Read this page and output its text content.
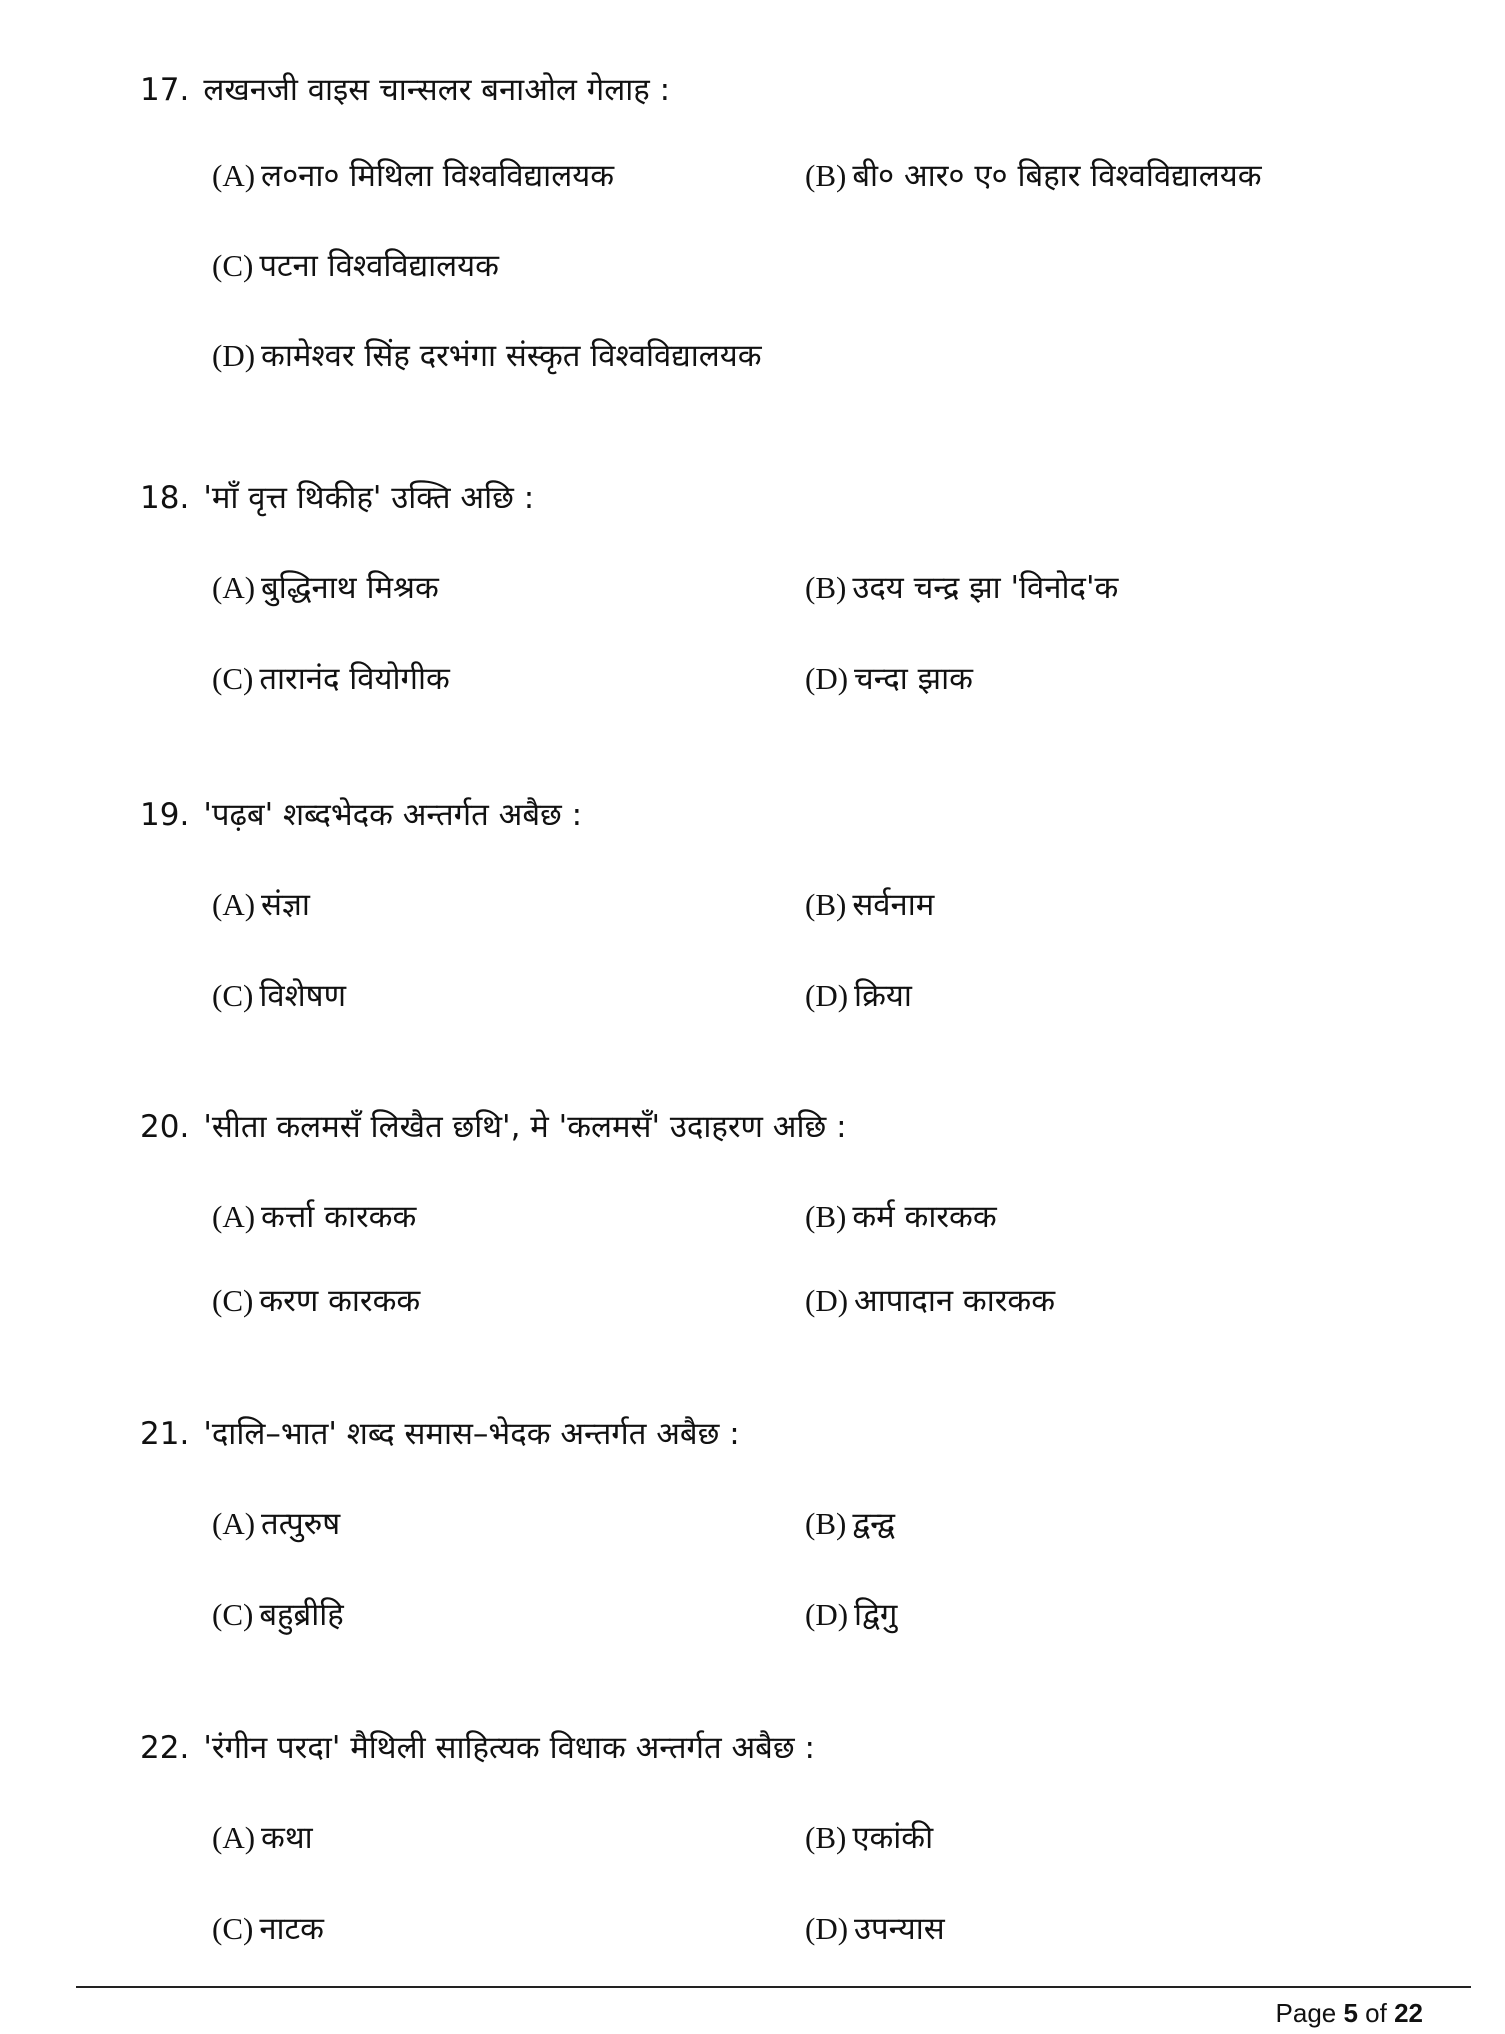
17. लखनजी वाइस चान्सलर बनाओल गेलाह :
(A) ल०ना० मिथिला विश्वविद्यालयक	(B) बी० आर० ए० बिहार विश्वविद्यालयक
(C) पटना विश्वविद्यालयक
(D) कामेश्वर सिंह दरभंगा संस्कृत विश्वविद्यालयक
18. 'माँ वृत्त थिकीह' उक्ति अछि :
(A) बुद्धिनाथ मिश्रक	(B) उदय चन्द्र झा 'विनोद'क
(C) तारानंद वियोगीक	(D) चन्दा झाक
19. 'पढ़ब' शब्दभेदक अन्तर्गत अबैछ :
(A) संज्ञा	(B) सर्वनाम
(C) विशेषण	(D) क्रिया
20. 'सीता कलमसँ लिखैत छथि', मे 'कलमसँ' उदाहरण अछि :
(A) कर्त्ता कारकक	(B) कर्म कारकक
(C) करण कारकक	(D) आपादान कारकक
21. 'दालि–भात' शब्द समास–भेदक अन्तर्गत अबैछ :
(A) तत्पुरुष	(B) द्वन्द्व
(C) बहुब्रीहि	(D) द्विगु
22. 'रंगीन परदा' मैथिली साहित्यक विधाक अन्तर्गत अबैछ :
(A) कथा	(B) एकांकी
(C) नाटक	(D) उपन्यास
Page 5 of 22
